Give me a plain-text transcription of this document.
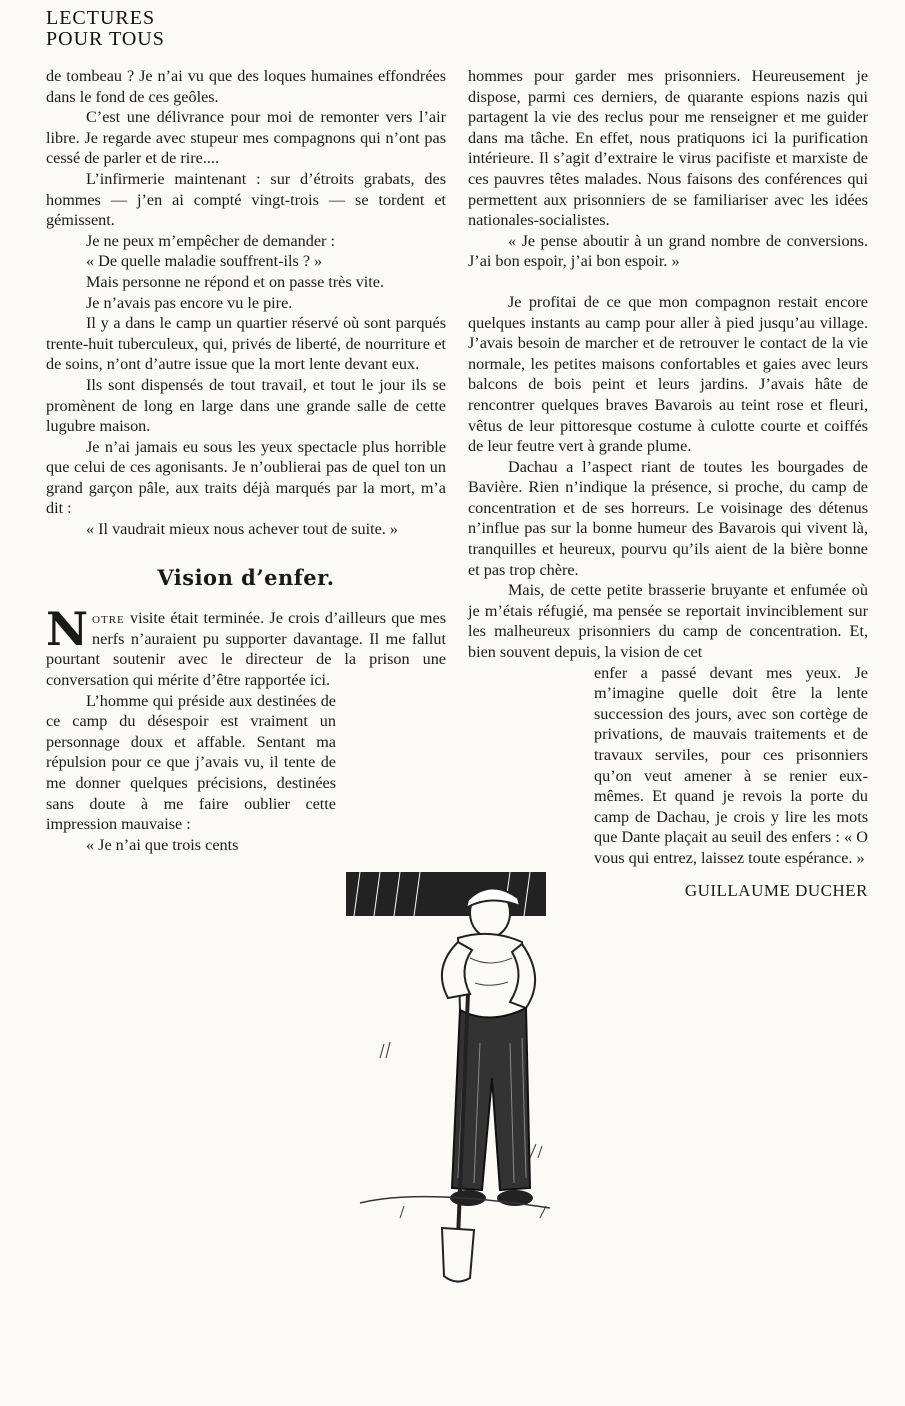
LECTURES
POUR TOUS

de tombeau ? Je n’ai vu que des loques humaines effondrées dans le fond de ces geôles.

C’est une délivrance pour moi de remonter vers l’air libre. Je regarde avec stupeur mes compagnons qui n’ont pas cessé de parler et de rire....

L’infirmerie maintenant : sur d’étroits grabats, des hommes — j’en ai compté vingt-trois — se tordent et gémissent.

Je ne peux m’empêcher de demander :

« De quelle maladie souffrent-ils ? »

Mais personne ne répond et on passe très vite.

Je n’avais pas encore vu le pire.

Il y a dans le camp un quartier réservé où sont parqués trente-huit tuberculeux, qui, privés de liberté, de nourriture et de soins, n’ont d’autre issue que la mort lente devant eux.

Ils sont dispensés de tout travail, et tout le jour ils se promènent de long en large dans une grande salle de cette lugubre maison.

Je n’ai jamais eu sous les yeux spectacle plus horrible que celui de ces agonisants. Je n’oublierai pas de quel ton un grand garçon pâle, aux traits déjà marqués par la mort, m’a dit :

« Il vaudrait mieux nous achever tout de suite. »

Vision d’enfer.

Notre visite était terminée. Je crois d’ailleurs que mes nerfs n’auraient pu supporter davantage. Il me fallut pourtant soutenir avec le directeur de la prison une conversation qui mérite d’être rapportée ici.

L’homme qui préside aux destinées de ce camp du désespoir est vraiment un personnage doux et affable. Sentant ma répulsion pour ce que j’avais vu, il tente de me donner quelques précisions, destinées sans doute à me faire oublier cette impression mauvaise :

« Je n’ai que trois cents

hommes pour garder mes prisonniers. Heureusement je dispose, parmi ces derniers, de quarante espions nazis qui partagent la vie des reclus pour me renseigner et me guider dans ma tâche. En effet, nous pratiquons ici la purification intérieure. Il s’agit d’extraire le virus pacifiste et marxiste de ces pauvres têtes malades. Nous faisons des conférences qui permettent aux prisonniers de se familiariser avec les idées nationales-socialistes.

« Je pense aboutir à un grand nombre de conversions. J’ai bon espoir, j’ai bon espoir. »

Je profitai de ce que mon compagnon restait encore quelques instants au camp pour aller à pied jusqu’au village. J’avais besoin de marcher et de retrouver le contact de la vie normale, les petites maisons confortables et gaies avec leurs balcons de bois peint et leurs jardins. J’avais hâte de rencontrer quelques braves Bavarois au teint rose et fleuri, vêtus de leur pittoresque costume à culotte courte et coiffés de leur feutre vert à grande plume.

Dachau a l’aspect riant de toutes les bourgades de Bavière. Rien n’indique la présence, si proche, du camp de concentration et de ses horreurs. Le voisinage des détenus n’influe pas sur la bonne humeur des Bavarois qui vivent là, tranquilles et heureux, pourvu qu’ils aient de la bière bonne et pas trop chère.

Mais, de cette petite brasserie bruyante et enfumée où je m’étais réfugié, ma pensée se reportait invinciblement sur les malheureux prisonniers du camp de concentration. Et, bien souvent depuis, la vision de cet

enfer a passé devant mes yeux. Je m’imagine quelle doit être la lente succession des jours, avec son cortège de privations, de mauvais traitements et de travaux serviles, pour ces prisonniers qu’on veut amener à se renier eux-mêmes. Et quand je revois la porte du camp de Dachau, je crois y lire les mots que Dante plaçait au seuil des enfers : « O vous qui entrez, laissez toute espérance. »

GUILLAUME DUCHER
